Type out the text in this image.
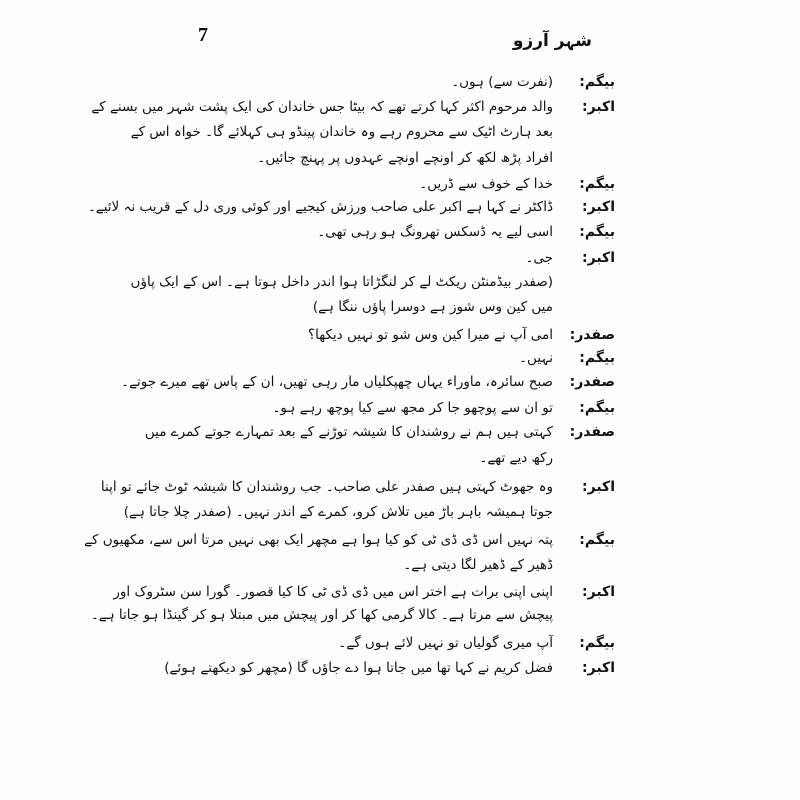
شہر آرزو
7
بیگم:
(نفرت سے) ہوں۔
اکبر:
والد مرحوم اکثر کہا کرتے تھے کہ بیٹا جس خاندان کی ایک پشت شہر میں بسنے کے
بعد ہارٹ اٹیک سے محروم رہے وہ خاندان پینڈو ہی کہلائے گا۔ خواہ اس کے
افراد پڑھ لکھ کر اونچے اونچے عہدوں پر پہنچ جائیں۔
بیگم:
خدا کے خوف سے ڈریں۔
اکبر:
ڈاکٹر نے کہا ہے اکبر علی صاحب ورزش کیجیے اور کوئی وری دل کے قریب نہ لائیے۔
بیگم:
اسی لیے یہ ڈسکس تھرونگ ہو رہی تھی۔
اکبر:
جی۔
(صفدر بیڈمنٹن ریکٹ لے کر لنگڑاتا ہوا اندر داخل ہوتا ہے۔ اس کے ایک پاؤں
میں کین وس شوز ہے دوسرا پاؤں ننگا ہے)
صفدر:
امی آپ نے میرا کین وس شو تو نہیں دیکھا؟
بیگم:
نہیں۔
صفدر:
صبح سائرہ، ماوراء یہاں چھپکلیاں مار رہی تھیں، ان کے پاس تھے میرے جوتے۔
بیگم:
تو ان سے پوچھو جا کر مجھ سے کیا پوچھ رہے ہو۔
صفدر:
کہتی ہیں ہم نے روشندان کا شیشہ توڑنے کے بعد تمہارے جوتے کمرے میں
رکھ دیے تھے۔
اکبر:
وہ جھوٹ کہتی ہیں صفدر علی صاحب۔ جب روشندان کا شیشہ ٹوٹ جائے تو اپنا
جوتا ہمیشہ باہر باڑ میں تلاش کرو، کمرے کے اندر نہیں۔ (صفدر چلا جاتا ہے)
بیگم:
پتہ نہیں اس ڈی ڈی ٹی کو کیا ہوا ہے مچھر ایک بھی نہیں مرتا اس سے، مکھیوں کے
ڈھیر کے ڈھیر لگا دیتی ہے۔
اکبر:
اپنی اپنی برات ہے اختر اس میں ڈی ڈی ٹی کا کیا قصور۔ گورا سن سٹروک اور
پیچش سے مرتا ہے۔ کالا گرمی کھا کر اور پیچش میں مبتلا ہو کر گینڈا ہو جاتا ہے۔
بیگم:
آپ میری گولیاں تو نہیں لائے ہوں گے۔
اکبر:
فضل کریم نے کہا تھا میں جاتا ہوا دے جاؤں گا (مچھر کو دیکھتے ہوئے)
